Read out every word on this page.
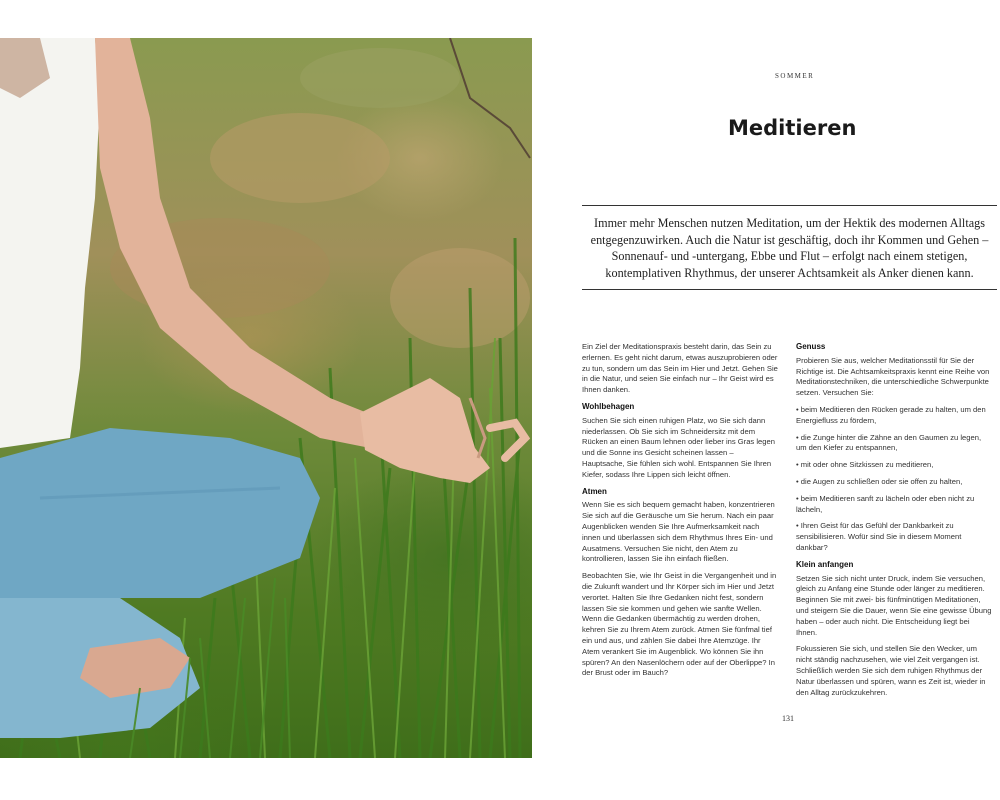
SOMMER
Meditieren

Immer mehr Menschen nutzen Meditation, um der Hektik des modernen Alltags entgegenzuwirken. Auch die Natur ist geschäftig, doch ihr Kommen und Gehen – Sonnenauf- und -untergang, Ebbe und Flut – erfolgt nach einem stetigen, kontemplativen Rhythmus, der unserer Achtsamkeit als Anker dienen kann.

Ein Ziel der Meditationspraxis besteht darin, das Sein zu erlernen. Es geht nicht darum, etwas auszuprobieren oder zu tun, sondern um das Sein im Hier und Jetzt. Gehen Sie in die Natur, und seien Sie einfach nur – Ihr Geist wird es Ihnen danken.

Wohlbehagen

Suchen Sie sich einen ruhigen Platz, wo Sie sich dann niederlassen. Ob Sie sich im Schneidersitz mit dem Rücken an einen Baum lehnen oder lieber ins Gras legen und die Sonne ins Gesicht scheinen lassen – Hauptsache, Sie fühlen sich wohl. Entspannen Sie Ihren Kiefer, sodass Ihre Lippen sich leicht öffnen.

Atmen

Wenn Sie es sich bequem gemacht haben, konzentrieren Sie sich auf die Geräusche um Sie herum. Nach ein paar Augenblicken wenden Sie Ihre Aufmerksamkeit nach innen und überlassen sich dem Rhythmus Ihres Ein- und Ausatmens. Versuchen Sie nicht, den Atem zu kontrollieren, lassen Sie ihn einfach fließen.

Beobachten Sie, wie Ihr Geist in die Vergangenheit und in die Zukunft wandert und Ihr Körper sich im Hier und Jetzt verortet. Halten Sie Ihre Gedanken nicht fest, sondern lassen Sie sie kommen und gehen wie sanfte Wellen. Wenn die Gedanken übermächtig zu werden drohen, kehren Sie zu Ihrem Atem zurück. Atmen Sie fünfmal tief ein und aus, und zählen Sie dabei Ihre Atemzüge. Ihr Atem verankert Sie im Augenblick. Wo können Sie ihn spüren? An den Nasenlöchern oder auf der Oberlippe? In der Brust oder im Bauch?

Genuss

Probieren Sie aus, welcher Meditationsstil für Sie der Richtige ist. Die Achtsamkeitspraxis kennt eine Reihe von Meditationstechniken, die unterschiedliche Schwerpunkte setzen. Versuchen Sie:

• beim Meditieren den Rücken gerade zu halten, um den Energiefluss zu fördern,
• die Zunge hinter die Zähne an den Gaumen zu legen, um den Kiefer zu entspannen,
• mit oder ohne Sitzkissen zu meditieren,
• die Augen zu schließen oder sie offen zu halten,
• beim Meditieren sanft zu lächeln oder eben nicht zu lächeln,
• Ihren Geist für das Gefühl der Dankbarkeit zu sensibilisieren. Wofür sind Sie in diesem Moment dankbar?
Klein anfangen

Setzen Sie sich nicht unter Druck, indem Sie versuchen, gleich zu Anfang eine Stunde oder länger zu meditieren. Beginnen Sie mit zwei- bis fünfminütigen Meditationen, und steigern Sie die Dauer, wenn Sie eine gewisse Übung haben – oder auch nicht. Die Entscheidung liegt bei Ihnen.

Fokussieren Sie sich, und stellen Sie den Wecker, um nicht ständig nachzusehen, wie viel Zeit vergangen ist. Schließlich werden Sie sich dem ruhigen Rhythmus der Natur überlassen und spüren, wann es Zeit ist, wieder in den Alltag zurückzukehren.

131
